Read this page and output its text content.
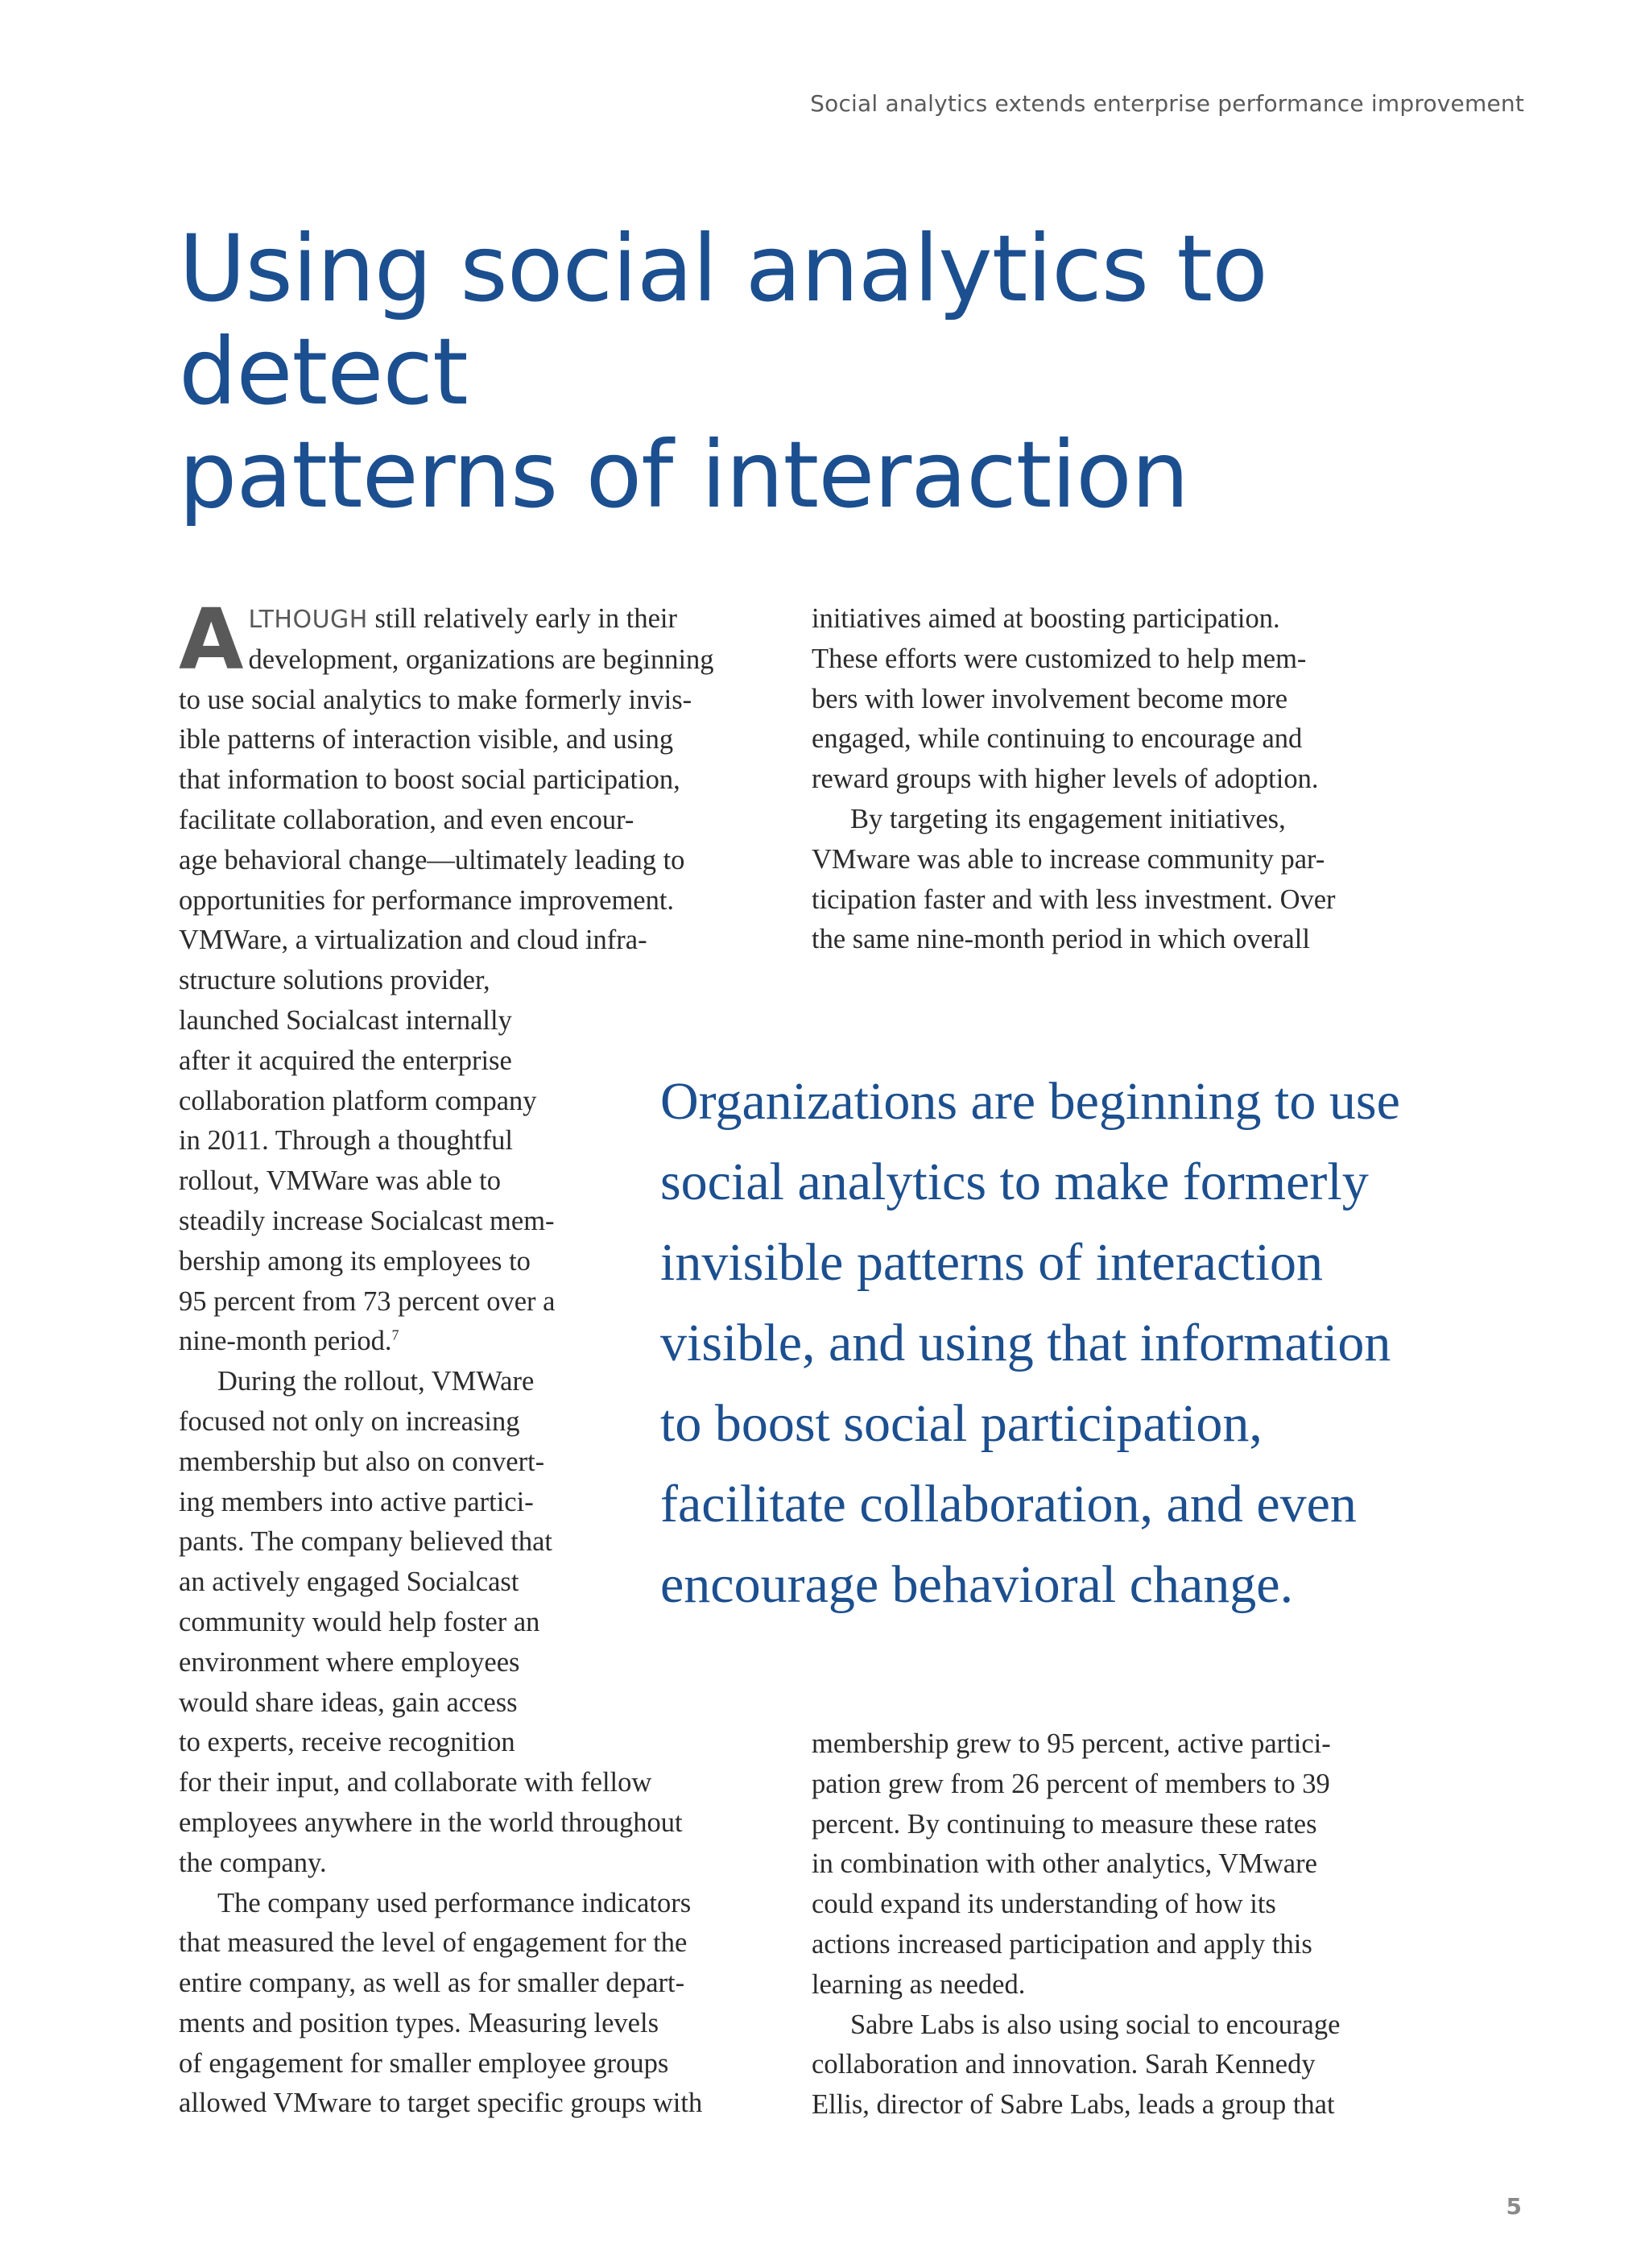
Social analytics extends enterprise performance improvement
Using social analytics to detect
patterns of interaction

ALTHOUGH still relatively early in their
development, organizations are beginning
to use social analytics to make formerly invis-
ible patterns of interaction visible, and using
that information to boost social participation,
facilitate collaboration, and even encour-
age behavioral change—ultimately leading to
opportunities for performance improvement.
VMWare, a virtualization and cloud infra-
structure solutions provider,
launched Socialcast internally
after it acquired the enterprise
collaboration platform company
in 2011. Through a thoughtful
rollout, VMWare was able to
steadily increase Socialcast mem-
bership among its employees to
95 percent from 73 percent over a
nine-month period.$^7$

During the rollout, VMWare
focused not only on increasing
membership but also on convert-
ing members into active partici-
pants. The company believed that
an actively engaged Socialcast
community would help foster an
environment where employees
would share ideas, gain access
to experts, receive recognition
for their input, and collaborate with fellow
employees anywhere in the world throughout
the company.

The company used performance indicators
that measured the level of engagement for the
entire company, as well as for smaller depart-
ments and position types. Measuring levels
of engagement for smaller employee groups
allowed VMware to target specific groups with

initiatives aimed at boosting participation.
These efforts were customized to help mem-
bers with lower involvement become more
engaged, while continuing to encourage and
reward groups with higher levels of adoption.

By targeting its engagement initiatives,
VMware was able to increase community par-
ticipation faster and with less investment. Over
the same nine-month period in which overall

Organizations are beginning to use
social analytics to make formerly
invisible patterns of interaction
visible, and using that information
to boost social participation,
facilitate collaboration, and even
encourage behavioral change.

membership grew to 95 percent, active partici-
pation grew from 26 percent of members to 39
percent. By continuing to measure these rates
in combination with other analytics, VMware
could expand its understanding of how its
actions increased participation and apply this
learning as needed.

Sabre Labs is also using social to encourage
collaboration and innovation. Sarah Kennedy
Ellis, director of Sabre Labs, leads a group that

5
